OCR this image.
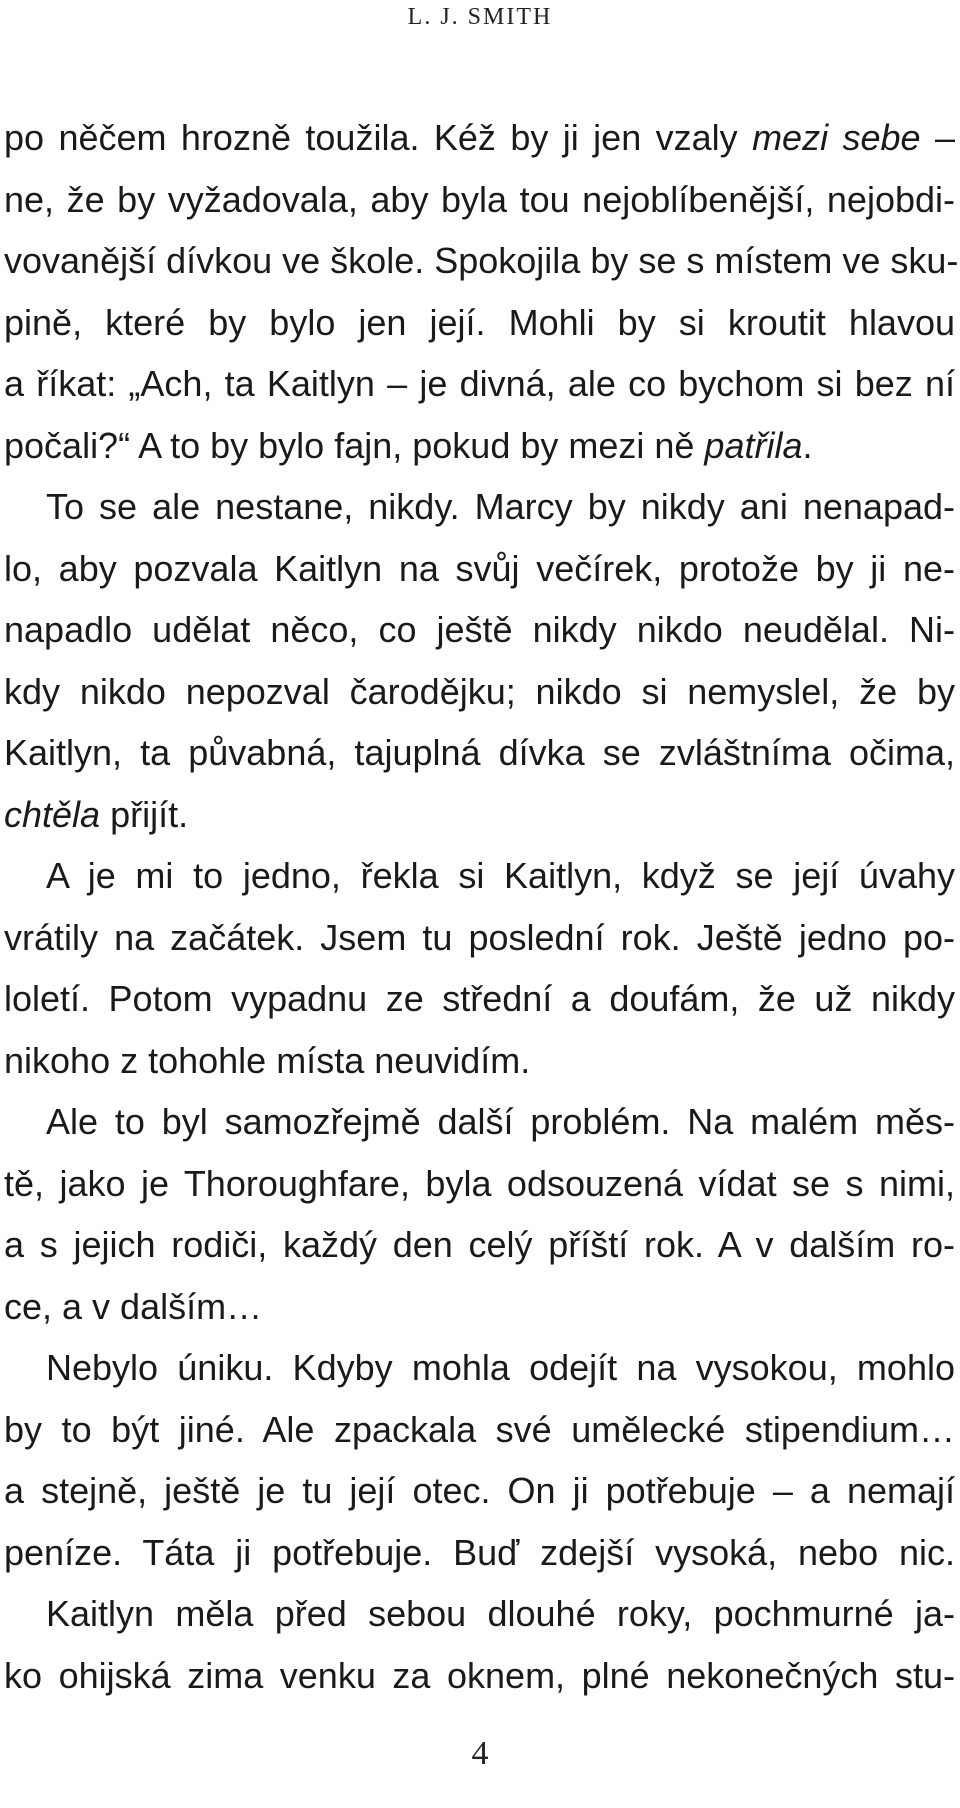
L. J. SMITH
po něčem hrozně toužila. Kéž by ji jen vzaly mezi sebe –
ne, že by vyžadovala, aby byla tou nejoblíbenější, nejobdi-
vovanější dívkou ve škole. Spokojila by se s místem ve sku-
pině, které by bylo jen její. Mohli by si kroutit hlavou
a říkat: „Ach, ta Kaitlyn – je divná, ale co bychom si bez ní
počali?“ A to by bylo fajn, pokud by mezi ně patřila.
To se ale nestane, nikdy. Marcy by nikdy ani nenapad-
lo, aby pozvala Kaitlyn na svůj večírek, protože by ji ne-
napadlo udělat něco, co ještě nikdy nikdo neudělal. Ni-
kdy nikdo nepozval čarodějku; nikdo si nemyslel, že by
Kaitlyn, ta půvabná, tajuplná dívka se zvláštníma očima,
chtěla přijít.
A je mi to jedno, řekla si Kaitlyn, když se její úvahy
vrátily na začátek. Jsem tu poslední rok. Ještě jedno po-
loletí. Potom vypadnu ze střední a doufám, že už nikdy
nikoho z tohohle místa neuvidím.
Ale to byl samozřejmě další problém. Na malém měs-
tě, jako je Thoroughfare, byla odsouzená vídat se s nimi,
a s jejich rodiči, každý den celý příští rok. A v dalším ro-
ce, a v dalším…
Nebylo úniku. Kdyby mohla odejít na vysokou, mohlo
by to být jiné. Ale zpackala své umělecké stipendium…
a stejně, ještě je tu její otec. On ji potřebuje – a nemají
peníze. Táta ji potřebuje. Buď zdejší vysoká, nebo nic.
Kaitlyn měla před sebou dlouhé roky, pochmurné ja-
ko ohijská zima venku za oknem, plné nekonečných stu-
4
